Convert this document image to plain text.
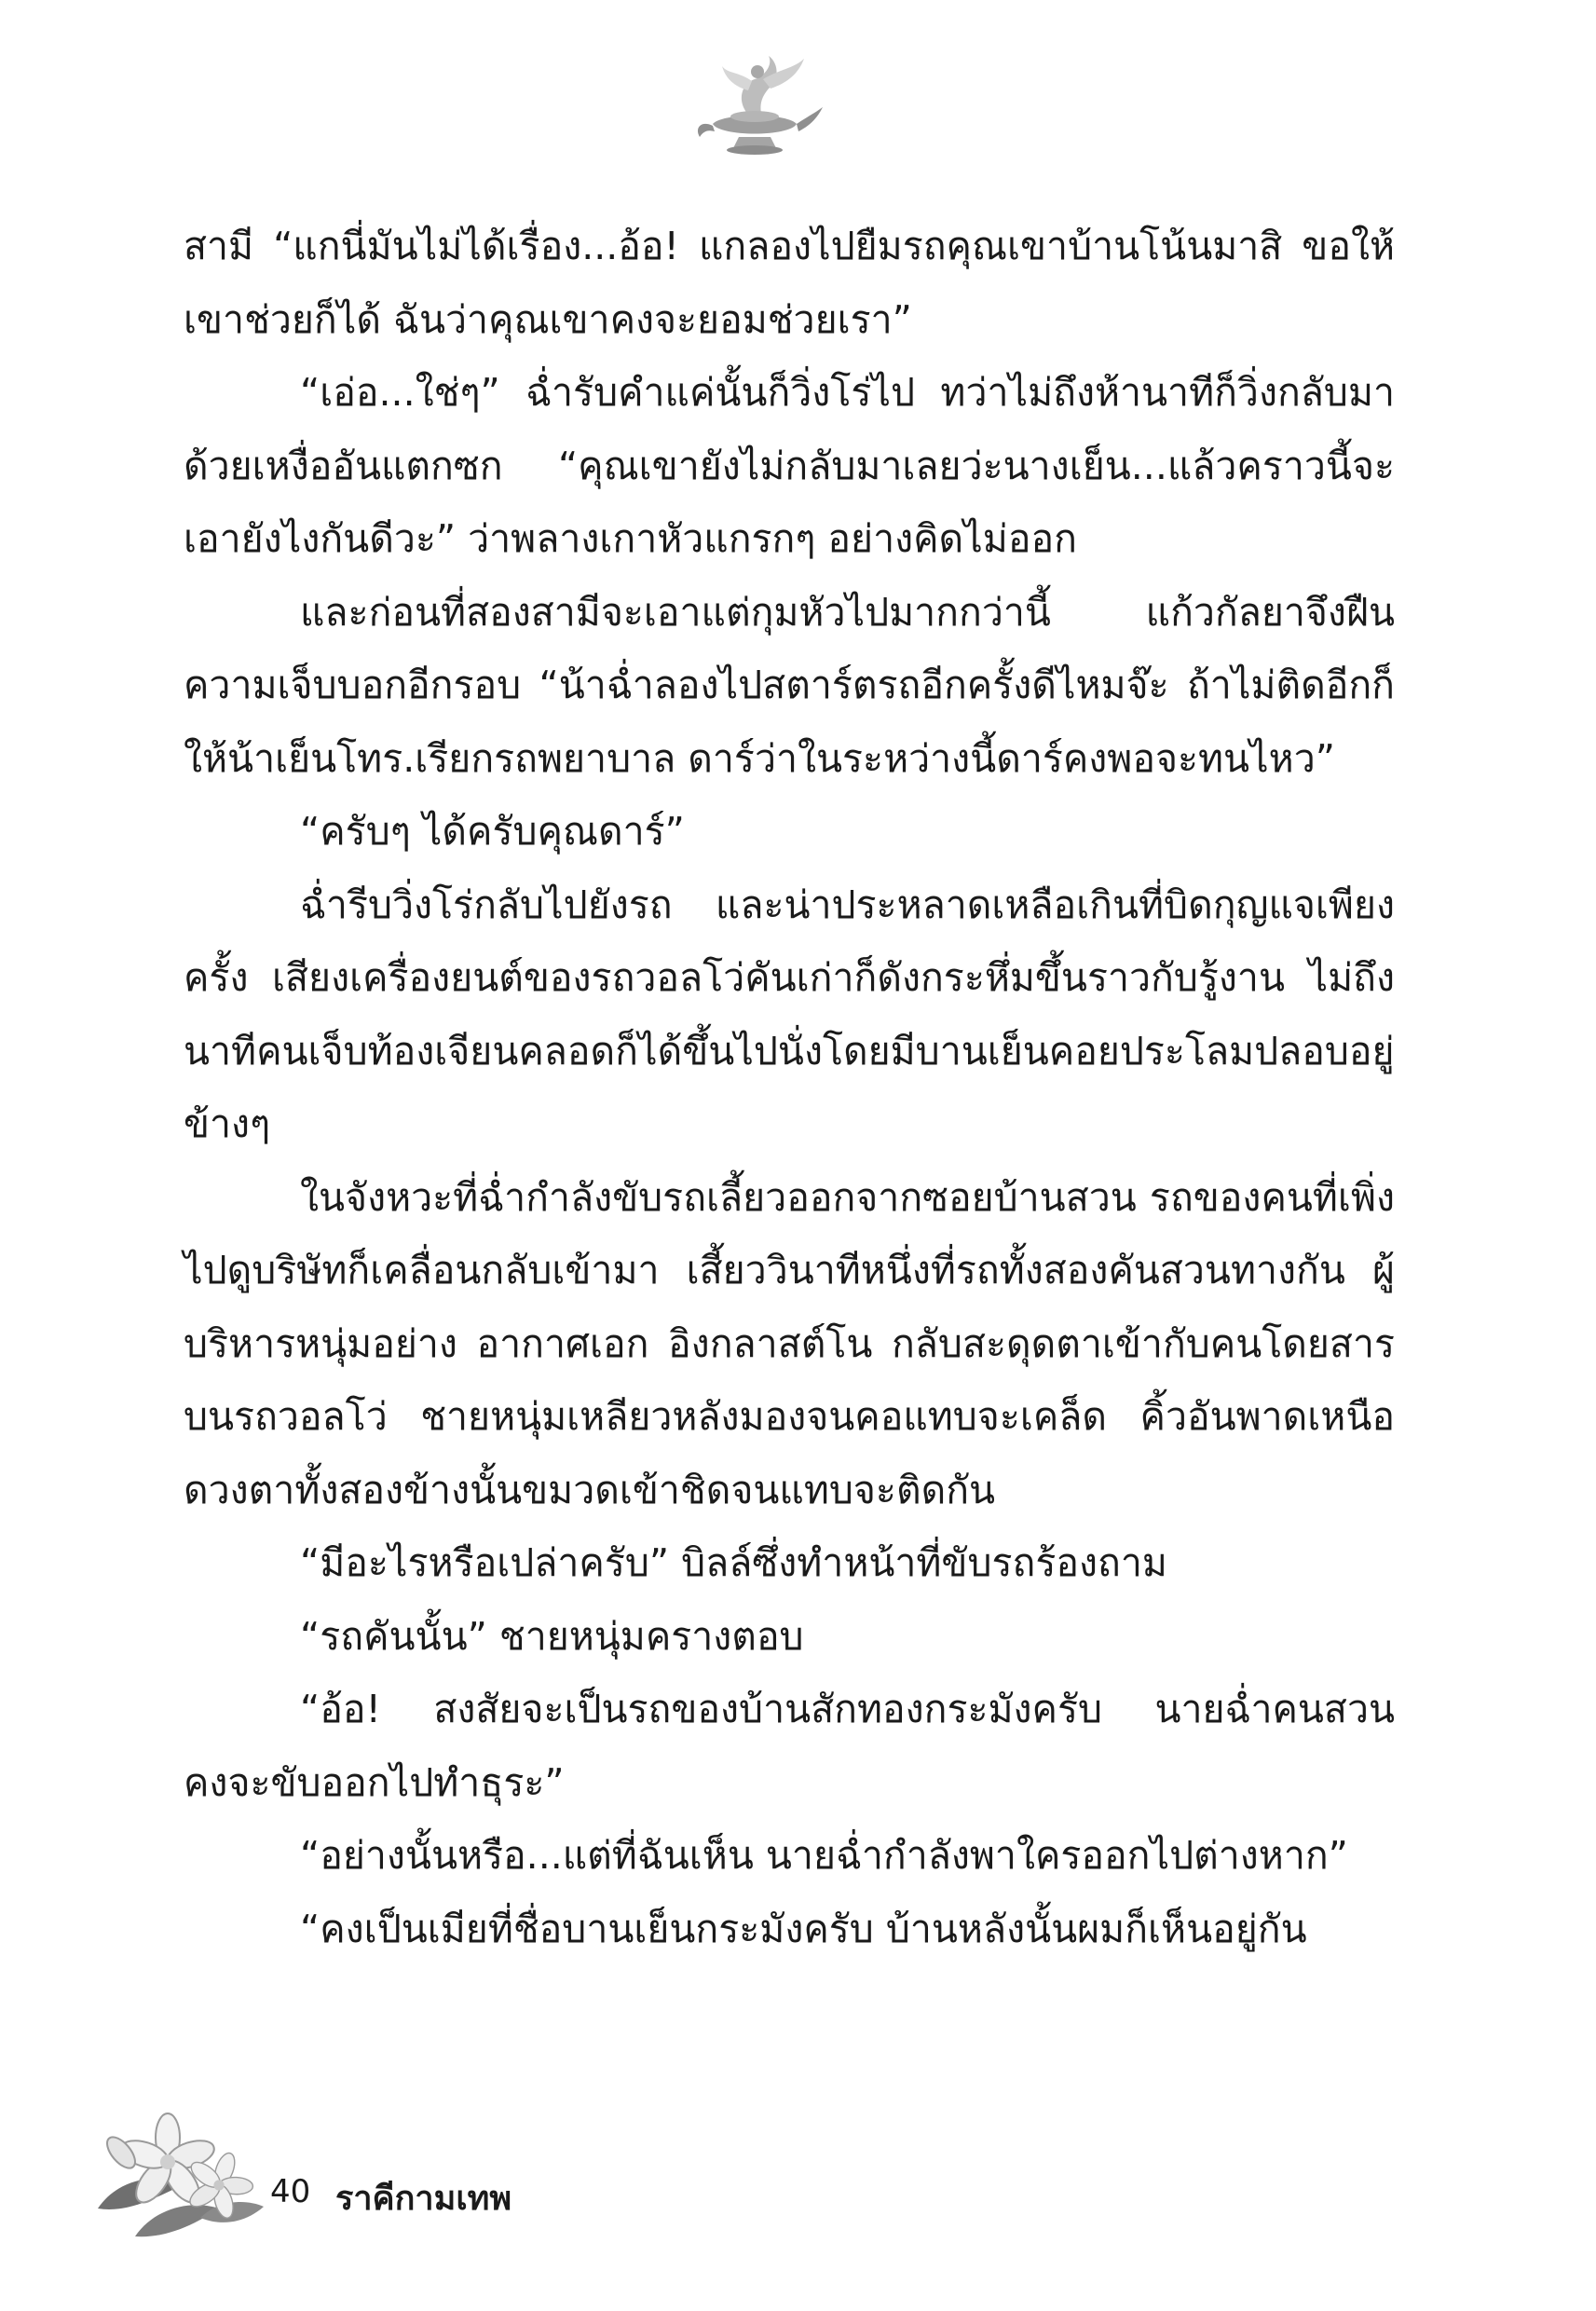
สามี “แกนี่มันไม่ได้เรื่อง...อ้อ! แกลองไปยืมรถคุณเขาบ้านโน้นมาสิ ขอให้เขาช่วยก็ได้ ฉันว่าคุณเขาคงจะยอมช่วยเรา”

“เอ่อ...ใช่ๆ” ฉ่ำรับคำแค่นั้นก็วิ่งโร่ไป ทว่าไม่ถึงห้านาทีก็วิ่งกลับมาด้วยเหงื่ออันแตกซก “คุณเขายังไม่กลับมาเลยว่ะนางเย็น...แล้วคราวนี้จะเอายังไงกันดีวะ” ว่าพลางเกาหัวแกรกๆ อย่างคิดไม่ออก

และก่อนที่สองสามีจะเอาแต่กุมหัวไปมากกว่านี้ แก้วกัลยาจึงฝืนความเจ็บบอกอีกรอบ “น้าฉ่ำลองไปสตาร์ตรถอีกครั้งดีไหมจ๊ะ ถ้าไม่ติดอีกก็ให้น้าเย็นโทร.เรียกรถพยาบาล ดาร์ว่าในระหว่างนี้ดาร์คงพอจะทนไหว”

“ครับๆ ได้ครับคุณดาร์”

ฉ่ำรีบวิ่งโร่กลับไปยังรถ และน่าประหลาดเหลือเกินที่บิดกุญแจเพียงครั้ง เสียงเครื่องยนต์ของรถวอลโว่คันเก่าก็ดังกระหึ่มขึ้นราวกับรู้งาน ไม่ถึงนาทีคนเจ็บท้องเจียนคลอดก็ได้ขึ้นไปนั่งโดยมีบานเย็นคอยประโลมปลอบอยู่ข้างๆ

ในจังหวะที่ฉ่ำกำลังขับรถเลี้ยวออกจากซอยบ้านสวน รถของคนที่เพิ่งไปดูบริษัทก็เคลื่อนกลับเข้ามา เสี้ยววินาทีหนึ่งที่รถทั้งสองคันสวนทางกัน ผู้บริหารหนุ่มอย่าง อากาศเอก อิงกลาสต์โน กลับสะดุดตาเข้ากับคนโดยสารบนรถวอลโว่ ชายหนุ่มเหลียวหลังมองจนคอแทบจะเคล็ด คิ้วอันพาดเหนือดวงตาทั้งสองข้างนั้นขมวดเข้าชิดจนแทบจะติดกัน

“มีอะไรหรือเปล่าครับ” บิลล์ซึ่งทำหน้าที่ขับรถร้องถาม

“รถคันนั้น” ชายหนุ่มครางตอบ

“อ้อ! สงสัยจะเป็นรถของบ้านสักทองกระมังครับ นายฉ่ำคนสวนคงจะขับออกไปทำธุระ”

“อย่างนั้นหรือ...แต่ที่ฉันเห็น นายฉ่ำกำลังพาใครออกไปต่างหาก”

“คงเป็นเมียที่ชื่อบานเย็นกระมังครับ บ้านหลังนั้นผมก็เห็นอยู่กัน

40 ราคีกามเทพ
